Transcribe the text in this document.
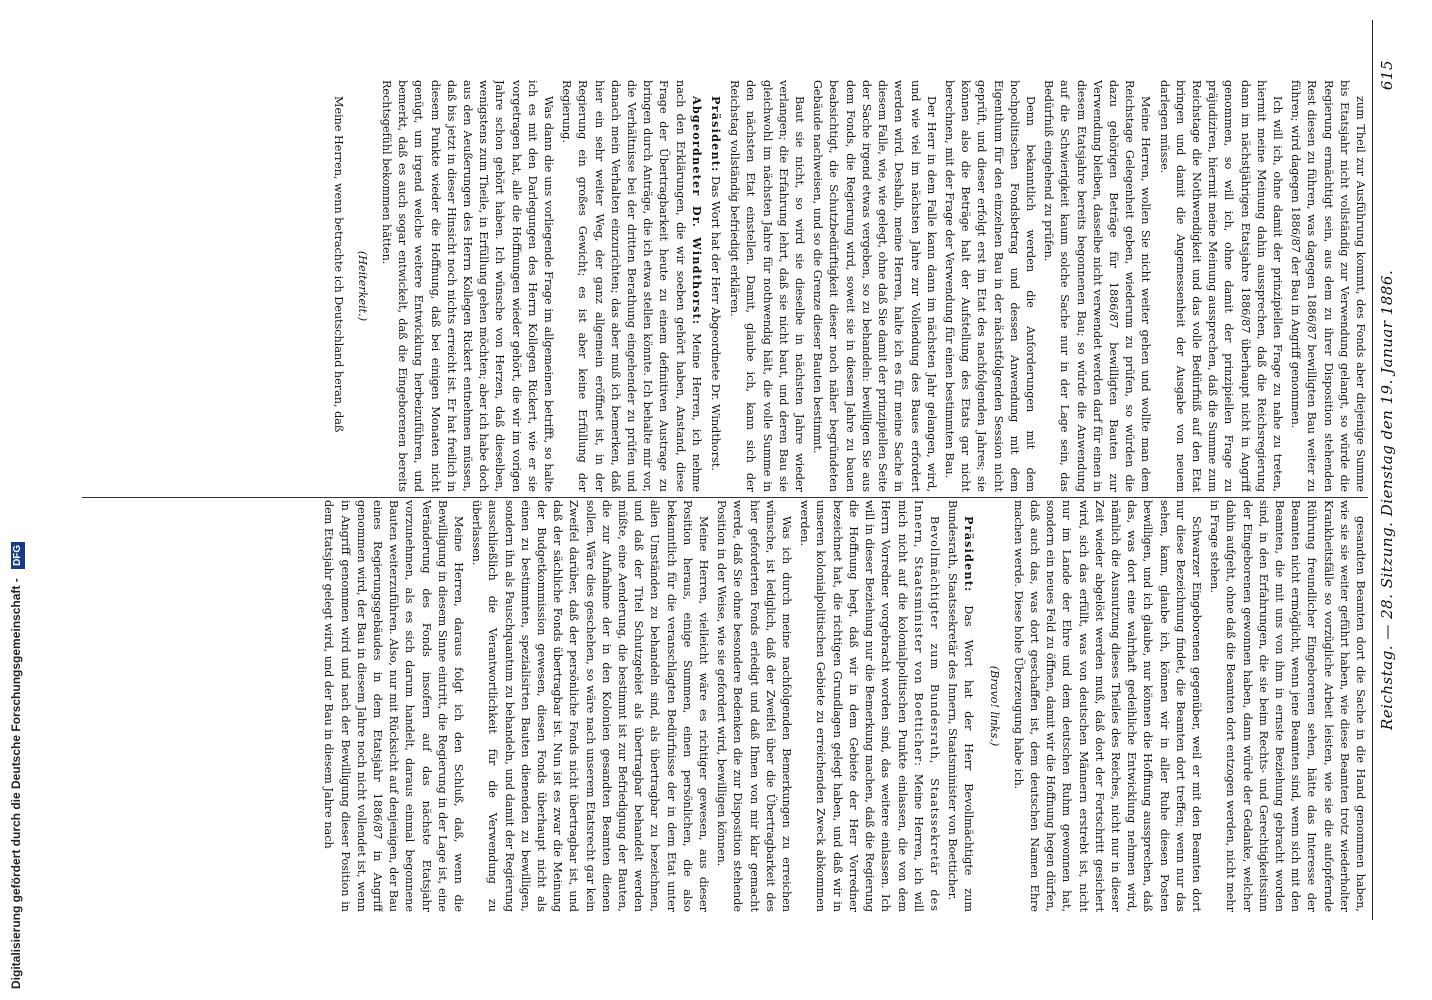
Digitalisierung gefördert durch die Deutsche Forschungsgemeinschaft - DFG	Reichstag. — 28. Sitzung. Dienstag den 19. Januar 1886.
615

zum Theil zur Ausführung kommt, des Fonds aber diejenige Summe bis Etatsjahr nicht vollständig zur Verwendung gelangt, so würde die Regierung ermächtigt sein, aus dem zu ihrer Disposition stehenden Rest diesen zu führen, was dagegen 1886/87 bewilligten Bau weiter zu führen; wird dagegen 1886/87 der Bau in Angriff genommen.

Ich will ich, ohne damit der prinzipiellen Frage zu nahe zu treten, hiermit meine Meinung dahin aussprechen, daß die Reichsregierung dann im nächstjährigen Etatsjahre 1886/87 überhaupt nicht in Angriff genommen, so will ich, ohne damit der prinzipiellen Frage zu präjudiziren, hiermit meine Meinung aussprechen, daß die Summe zum Reichstage die Nothwendigkeit und das volle Bedürfniß auf den Etat bringen und damit die Angemessenheit der Ausgabe von neuem darlegen müsse.

Meine Herren, wollen Sie nicht weiter gehen und wollte man dem Reichstage Gelegenheit geben, wiederum zu prüfen, so würden die dazu gehörigen Beträge für 1886/87 bewilligten Bauten zur Verwendung bleiben, dasselbe nicht verwendet werden darf für einen in diesem Etatsjahre bereits begonnenen Bau; so würde die Anwendung auf die Schwierigkeit kaum solche Sache nur in der Lage sein, das Bedürfniß eingehend zu prüfen.

Denn bekanntlich werden die Anforderungen mit dem hochpolitischen Fondsbetrag und dessen Anwendung mit dem Eigenthum für den einzelnen Bau in der nächstfolgenden Session nicht geprüft, und dieser erfolgt erst im Etat des nachfolgenden Jahres; sie können also die Beträge halt der Aufstellung des Etats gar nicht berechnen, mit der Frage der Verwendung für einen bestimmten Bau.

Der Herr in dem Falle kann dann im nächsten Jahr gelangen, wird, und wie viel im nächsten Jahre zur Vollendung des Baues erfordert werden wird. Deshalb, meine Herren, halte ich es für meine Sache in diesem Falle, wie, wie gelegt, ohne daß Sie damit der prinzipiellen Seite der Sache irgend etwas vergeben, so zu behandeln: bewilligen Sie aus dem Fonds, die Regierung wird, soweit sie in diesem Jahre zu bauen beabsichtigt, die Schutzbedürftigkeit dieser noch näher begründeten Gebäude nachweisen, und so die Grenze dieser Bauten bestimmt.

Baut sie nicht, so wird sie dieselbe in nächsten Jahre wieder verlangen; die Erfahrung lehrt, daß sie nicht baut, und deren Bau sie gleichwohl im nächsten Jahre für nothwendig hält, die volle Summe in den nächsten Etat einstellen. Damit, glaube ich, kann sich der Reichstag vollständig befriedigt erklären.

Präsident: Das Wort hat der Herr Abgeordnete Dr. Windthorst.

Abgeordneter Dr. Windthorst: Meine Herren, ich nehme nach den Erklärungen, die wir soeben gehört haben, Anstand, diese Frage der Übertragbarkeit heute zu einem definitiven Austrage zu bringen durch Anträge, die ich etwa stellen könnte. Ich behalte mir vor, die Verhältnisse bei der dritten Berathung eingehender zu prüfen und danach mein Verhalten einzurichten; das aber muß ich bemerken, daß hier ein sehr weiter Weg, der ganz allgemein eröffnet ist, in der Regierung ein großes Gewicht; es ist aber keine Erfüllung der Regierung.

Was dann die uns vorliegende Frage im allgemeinen betrifft, so halte ich es mit den Darlegungen des Herrn Kollegen Rickert, wie er sie vorgetragen hat, alle die Hoffnungen wieder gehört, die wir im vorigen Jahre schon gehört haben. Ich wünsche von Herzen, daß dieselben, wenigstens zum Theile, in Erfüllung gehen möchten; aber ich habe doch aus den Aeußerungen des Herrn Kollegen Rickert entnehmen müssen, daß bis jetzt in dieser Hinsicht noch nichts erreicht ist. Er hat freilich in diesem Punkte wieder die Hoffnung, daß bei einigen Monaten nicht genügt, um irgend welche weitere Entwicklung herbeizuführen, und bemerkt, daß es auch sogar entwickelt, daß die Eingeborenen bereits Rechtsgefühl bekommen hätten.

(Heiterkeit.)

Meine Herren, wenn betrachte ich Deutschland heran, daß

gesandten Beamten dort die Sache in die Hand genommen haben, wie sie sie weiter geführt haben, wie diese Beamten trotz wiederholter Krankheitsfälle so vorzügliche Arbeit leisten, wie sie die aufopfernde Rührung freundlicher Eingeborenen sehen, hätte das Interesse der Beamten nicht ermöglicht, wenn jene Beamten sind, wenn sich mit den Beamten, die mit uns von ihm in ernste Beziehung gebracht worden sind, in den Erfahrungen, die sie beim Rechts- und Gerechtigkeitssinn der Eingeborenen gewonnen haben, dann würde der Gedanke, welcher dahin aufgeht, ohne daß die Beamten dort entzogen werden, nicht mehr in Frage stehen.

Schwarzer Eingeborenen gegenüber, weil er mit den Beamten dort nur diese Bezeichnung findet, die Beamten dort treffen; wenn nur das sehen, kann, glaube ich, können wir in aller Ruhe diesen Posten bewilligen, und ich glaube, nur können die Hoffnung aussprechen, daß das, was dort eine wahrhaft gedeihliche Entwicklung nehmen wird, nämlich die Ausnutzung dieses Theiles des Reiches, nicht nur in dieser Zeit wieder abgelöst werden muß, daß dort der Fortschritt gesichert wird, sich das erfüllt, was von deutschen Männern erstrebt ist, nicht nur im Lande der Ehre und dem deutschen Ruhm gewonnen hat, sondern ein neues Feld zu öffnen, damit wir die Hoffnung hegen dürfen, daß auch das, was dort geschaffen ist, dem deutschen Namen Ehre machen werde. Diese hohe Überzeugung habe ich.

(Bravo! links.)

Präsident: Das Wort hat der Herr Bevollmächtigte zum Bundesrath, Staatssekretär des Innern, Staatsminister von Boetticher.

Bevollmächtigter zum Bundesrath, Staatssekretär des Innern, Staatsminister von Boetticher: Meine Herren, ich will mich nicht auf die kolonialpolitischen Punkte einlassen, die von dem Herrn Vorredner vorgebracht worden sind, das weitere einlassen. Ich will in dieser Beziehung nur die Bemerkung machen, daß die Regierung die Hoffnung hegt, daß wir in dem Gebiete der Herr Vorredner bezeichnet hat, die richtigen Grundlagen gelegt haben, und daß wir in unseren kolonialpolitischen Gebiete zu erreichenden Zweck abkommen werden.

Was ich durch meine nachfolgenden Bemerkungen zu erreichen wünsche, ist lediglich, daß der Zweifel über die Übertragbarkeit des hier geforderten Fonds erledigt und daß Ihnen von mir klar gemacht werde, daß Sie ohne besondere Bedenken die zur Disposition stehende Position in der Weise, wie sie gefordert wird, bewilligen können.

Meine Herren, vielleicht wäre es richtiger gewesen, aus dieser Position heraus, einige Summen, einen persönlichen, die also bekanntlich für die veranschlagten Bedürfnisse der in dem Etat unter allen Umständen zu behandeln sind, als übertragbar zu bezeichnen, und daß der Titel Schutzgebiet als übertragbar behandelt werden müßte, eine Aenderung, die bestimmt ist zur Befriedigung der Bauten, die zur Aufnahme der in den Kolonien gesandten Beamten dienen sollen. Wäre dies geschehen, so wäre nach unserem Etatsrecht gar kein Zweifel darüber, daß der persönliche Fonds nicht übertragbar ist, und daß der sächliche Fonds übertragbar ist. Nun ist es zwar die Meinung der Budgetkommission gewesen, diesen Fonds überhaupt nicht als einen zu bestimmten, spezialisirten Bauten dienenden zu bewilligen, sondern ihn als Pauschquantum zu behandeln, und damit der Regierung ausschließlich die Verantwortlichkeit für die Verwendung zu überlassen.

Meine Herren, daraus folgt ich den Schluß, daß, wenn die Bewilligung in diesem Sinne eintritt, die Regierung in der Lage ist, eine Veränderung des Fonds insofern auf das nächste Etatsjahr vorzunehmen, als es sich darum handelt, daraus einmal begonnene Bauten weiterzuführen. Also, nur mit Rücksicht auf denjenigen, der Bau eines Regierungsgebäudes in dem Etatsjahr 1886/87 in Angriff genommen wird, der Bau in diesem Jahre noch nicht vollendet ist, wenn in Angriff genommen wird und nach der Bewilligung dieser Position in dem Etatsjahr gelegt wird, und der Bau in diesem Jahre nach
